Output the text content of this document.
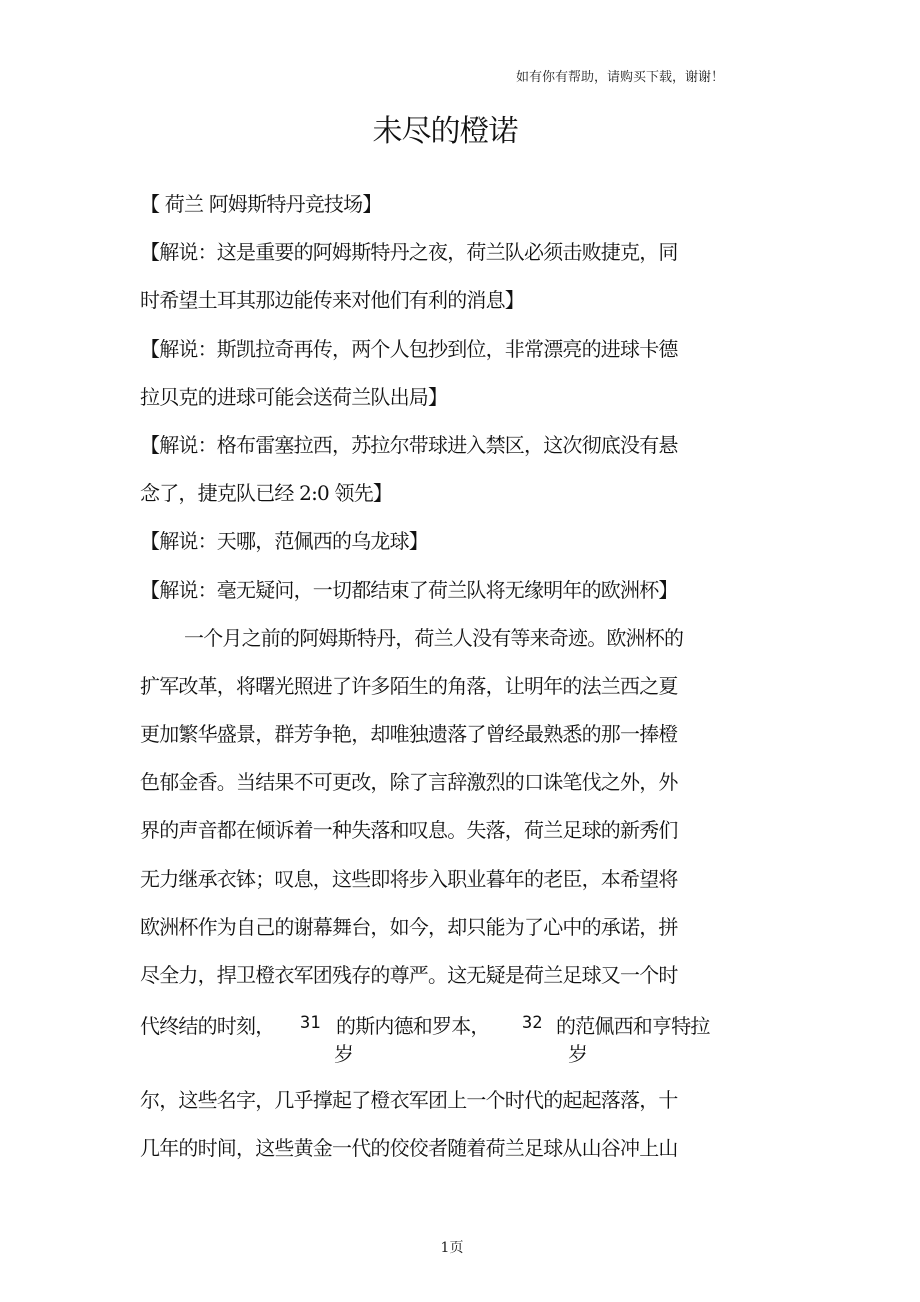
如有你有帮助，请购买下载，谢谢！
未尽的橙诺
【 荷兰 阿姆斯特丹竞技场】
【解说：这是重要的阿姆斯特丹之夜，荷兰队必须击败捷克，同
时希望土耳其那边能传来对他们有利的消息】
【解说：斯凯拉奇再传，两个人包抄到位，非常漂亮的进球卡德
拉贝克的进球可能会送荷兰队出局】
【解说：格布雷塞拉西，苏拉尔带球进入禁区，这次彻底没有悬
念了，捷克队已经 2:0 领先】
【解说：天哪，范佩西的乌龙球】
【解说：毫无疑问，一切都结束了荷兰队将无缘明年的欧洲杯】
一个月之前的阿姆斯特丹，荷兰人没有等来奇迹。欧洲杯的
扩军改革，将曙光照进了许多陌生的角落，让明年的法兰西之夏
更加繁华盛景，群芳争艳，却唯独遗落了曾经最熟悉的那一捧橙
色郁金香。当结果不可更改，除了言辞激烈的口诛笔伐之外，外
界的声音都在倾诉着一种失落和叹息。失落，荷兰足球的新秀们
无力继承衣钵；叹息，这些即将步入职业暮年的老臣，本希望将
欧洲杯作为自己的谢幕舞台，如今，却只能为了心中的承诺，拼
尽全力，捍卫橙衣军团残存的尊严。这无疑是荷兰足球又一个时
代终结的时刻， 31 的斯内德和罗本， 32 的范佩西和亨特拉
岁	岁
尔，这些名字，几乎撑起了橙衣军团上一个时代的起起落落，十
几年的时间，这些黄金一代的佼佼者随着荷兰足球从山谷冲上山
1页
